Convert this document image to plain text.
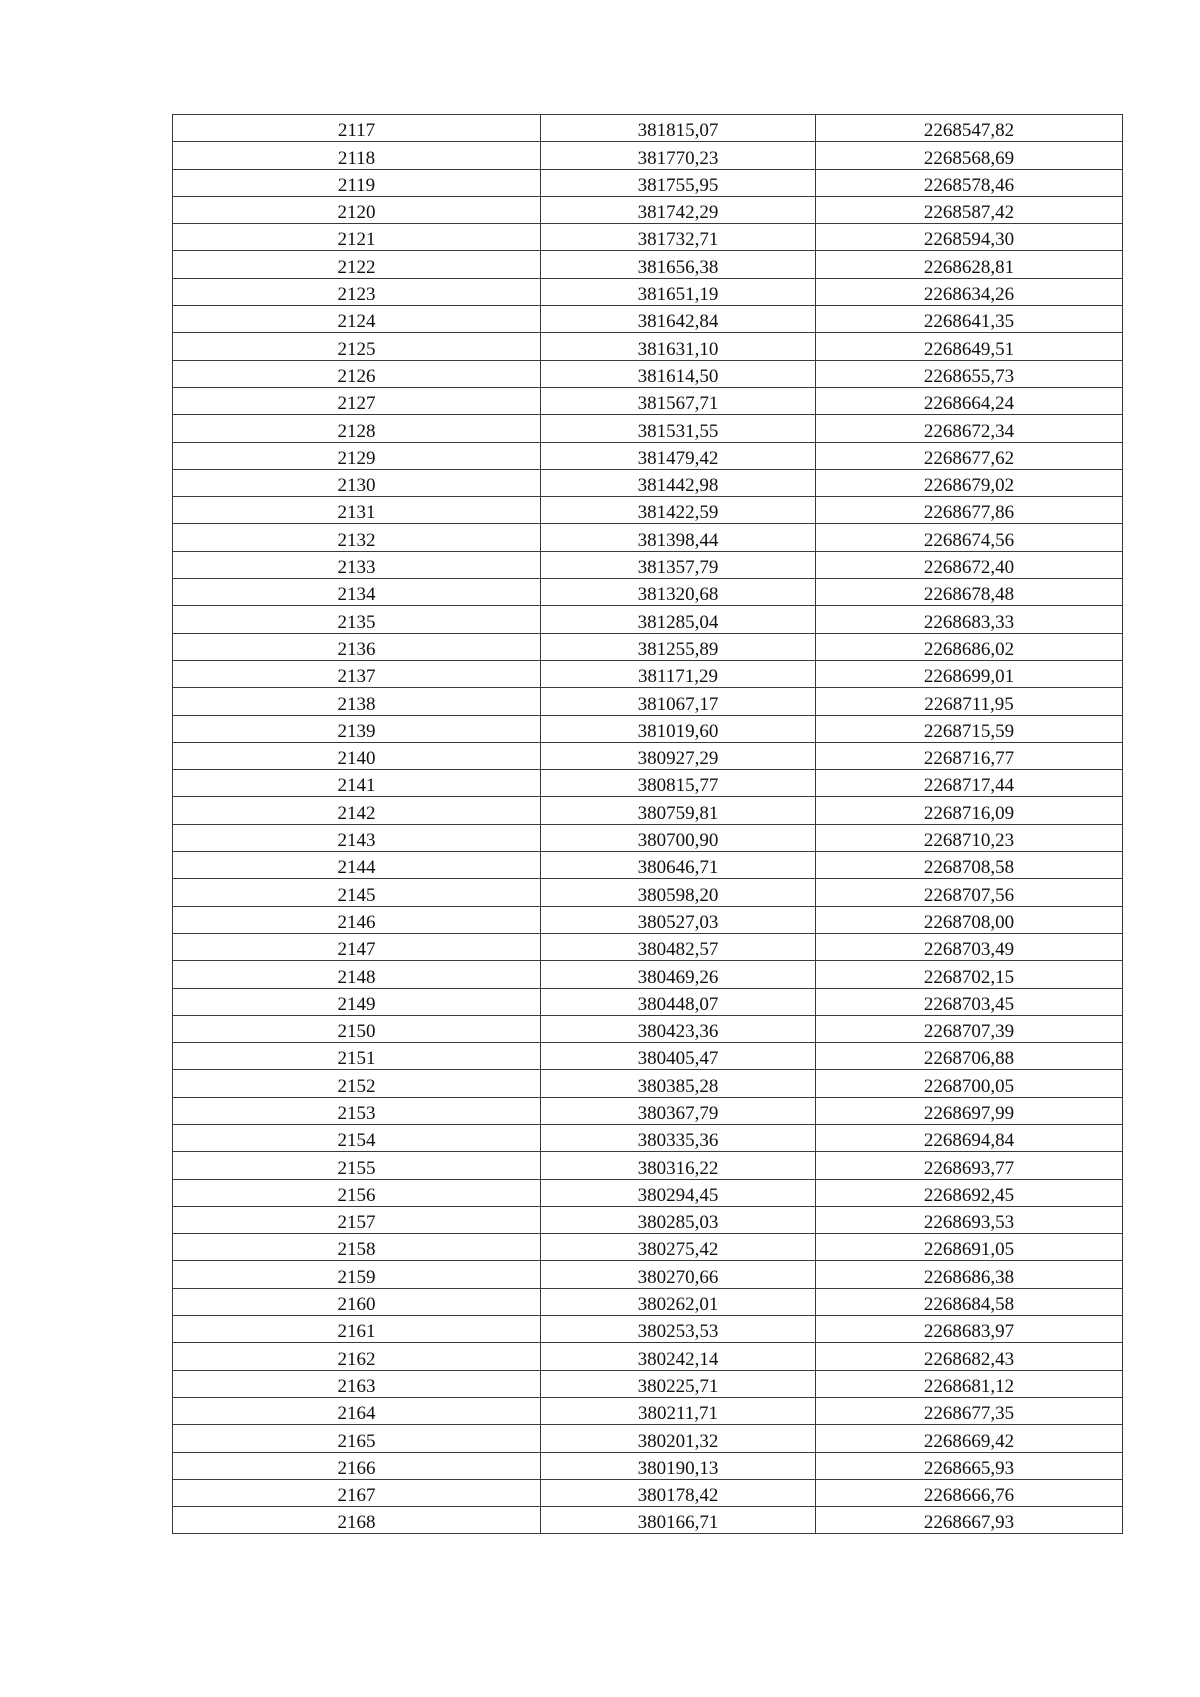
2117	381815,07	2268547,82
2118	381770,23	2268568,69
2119	381755,95	2268578,46
2120	381742,29	2268587,42
2121	381732,71	2268594,30
2122	381656,38	2268628,81
2123	381651,19	2268634,26
2124	381642,84	2268641,35
2125	381631,10	2268649,51
2126	381614,50	2268655,73
2127	381567,71	2268664,24
2128	381531,55	2268672,34
2129	381479,42	2268677,62
2130	381442,98	2268679,02
2131	381422,59	2268677,86
2132	381398,44	2268674,56
2133	381357,79	2268672,40
2134	381320,68	2268678,48
2135	381285,04	2268683,33
2136	381255,89	2268686,02
2137	381171,29	2268699,01
2138	381067,17	2268711,95
2139	381019,60	2268715,59
2140	380927,29	2268716,77
2141	380815,77	2268717,44
2142	380759,81	2268716,09
2143	380700,90	2268710,23
2144	380646,71	2268708,58
2145	380598,20	2268707,56
2146	380527,03	2268708,00
2147	380482,57	2268703,49
2148	380469,26	2268702,15
2149	380448,07	2268703,45
2150	380423,36	2268707,39
2151	380405,47	2268706,88
2152	380385,28	2268700,05
2153	380367,79	2268697,99
2154	380335,36	2268694,84
2155	380316,22	2268693,77
2156	380294,45	2268692,45
2157	380285,03	2268693,53
2158	380275,42	2268691,05
2159	380270,66	2268686,38
2160	380262,01	2268684,58
2161	380253,53	2268683,97
2162	380242,14	2268682,43
2163	380225,71	2268681,12
2164	380211,71	2268677,35
2165	380201,32	2268669,42
2166	380190,13	2268665,93
2167	380178,42	2268666,76
2168	380166,71	2268667,93
